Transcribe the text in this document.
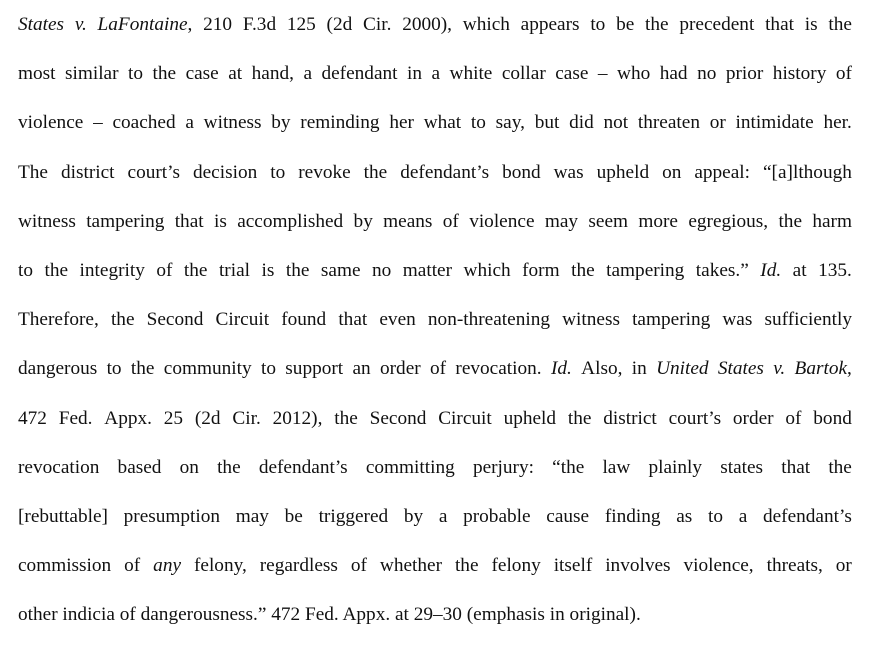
States v. LaFontaine, 210 F.3d 125 (2d Cir. 2000), which appears to be the precedent that is the
most similar to the case at hand, a defendant in a white collar case – who had no prior history of
violence – coached a witness by reminding her what to say, but did not threaten or intimidate her.
The district court’s decision to revoke the defendant’s bond was upheld on appeal: “[a]lthough
witness tampering that is accomplished by means of violence may seem more egregious, the harm
to the integrity of the trial is the same no matter which form the tampering takes.” Id. at 135.
Therefore, the Second Circuit found that even non-threatening witness tampering was sufficiently
dangerous to the community to support an order of revocation. Id. Also, in United States v. Bartok,
472 Fed. Appx. 25 (2d Cir. 2012), the Second Circuit upheld the district court’s order of bond
revocation based on the defendant’s committing perjury: “the law plainly states that the
[rebuttable] presumption may be triggered by a probable cause finding as to a defendant’s
commission of any felony, regardless of whether the felony itself involves violence, threats, or
other indicia of dangerousness.” 472 Fed. Appx. at 29–30 (emphasis in original).
